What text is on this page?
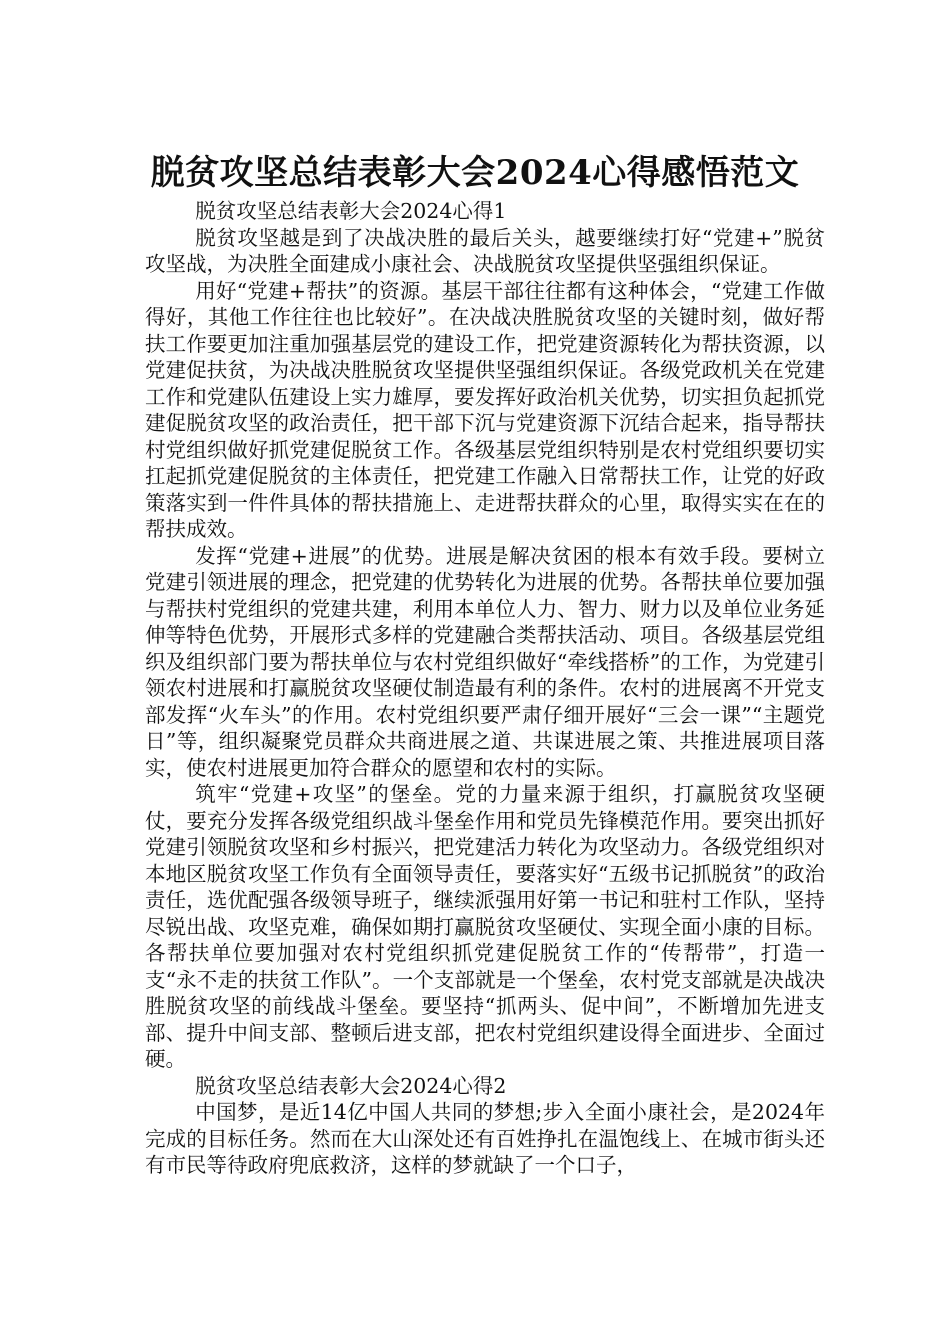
脱贫攻坚总结表彰大会2024心得感悟范文

脱贫攻坚总结表彰大会2024心得1

脱贫攻坚越是到了决战决胜的最后关头，越要继续打好“党建+”脱贫攻坚战，为决胜全面建成小康社会、决战脱贫攻坚提供坚强组织保证。

用好“党建+帮扶”的资源。基层干部往往都有这种体会，“党建工作做得好，其他工作往往也比较好”。在决战决胜脱贫攻坚的关键时刻，做好帮扶工作要更加注重加强基层党的建设工作，把党建资源转化为帮扶资源，以党建促扶贫，为决战决胜脱贫攻坚提供坚强组织保证。各级党政机关在党建工作和党建队伍建设上实力雄厚，要发挥好政治机关优势，切实担负起抓党建促脱贫攻坚的政治责任，把干部下沉与党建资源下沉结合起来，指导帮扶村党组织做好抓党建促脱贫工作。各级基层党组织特别是农村党组织要切实扛起抓党建促脱贫的主体责任，把党建工作融入日常帮扶工作，让党的好政策落实到一件件具体的帮扶措施上、走进帮扶群众的心里，取得实实在在的帮扶成效。

发挥“党建+进展”的优势。进展是解决贫困的根本有效手段。要树立党建引领进展的理念，把党建的优势转化为进展的优势。各帮扶单位要加强与帮扶村党组织的党建共建，利用本单位人力、智力、财力以及单位业务延伸等特色优势，开展形式多样的党建融合类帮扶活动、项目。各级基层党组织及组织部门要为帮扶单位与农村党组织做好“牵线搭桥”的工作，为党建引领农村进展和打赢脱贫攻坚硬仗制造最有利的条件。农村的进展离不开党支部发挥“火车头”的作用。农村党组织要严肃仔细开展好“三会一课”“主题党日”等，组织凝聚党员群众共商进展之道、共谋进展之策、共推进展项目落实，使农村进展更加符合群众的愿望和农村的实际。

筑牢“党建+攻坚”的堡垒。党的力量来源于组织，打赢脱贫攻坚硬仗，要充分发挥各级党组织战斗堡垒作用和党员先锋模范作用。要突出抓好党建引领脱贫攻坚和乡村振兴，把党建活力转化为攻坚动力。各级党组织对本地区脱贫攻坚工作负有全面领导责任，要落实好“五级书记抓脱贫”的政治责任，选优配强各级领导班子，继续派强用好第一书记和驻村工作队，坚持尽锐出战、攻坚克难，确保如期打赢脱贫攻坚硬仗、实现全面小康的目标。各帮扶单位要加强对农村党组织抓党建促脱贫工作的“传帮带”，打造一支“永不走的扶贫工作队”。一个支部就是一个堡垒，农村党支部就是决战决胜脱贫攻坚的前线战斗堡垒。要坚持“抓两头、促中间”，不断增加先进支部、提升中间支部、整顿后进支部，把农村党组织建设得全面进步、全面过硬。

脱贫攻坚总结表彰大会2024心得2

中国梦，是近14亿中国人共同的梦想;步入全面小康社会，是2024年完成的目标任务。然而在大山深处还有百姓挣扎在温饱线上、在城市街头还有市民等待政府兜底救济，这样的梦就缺了一个口子，
